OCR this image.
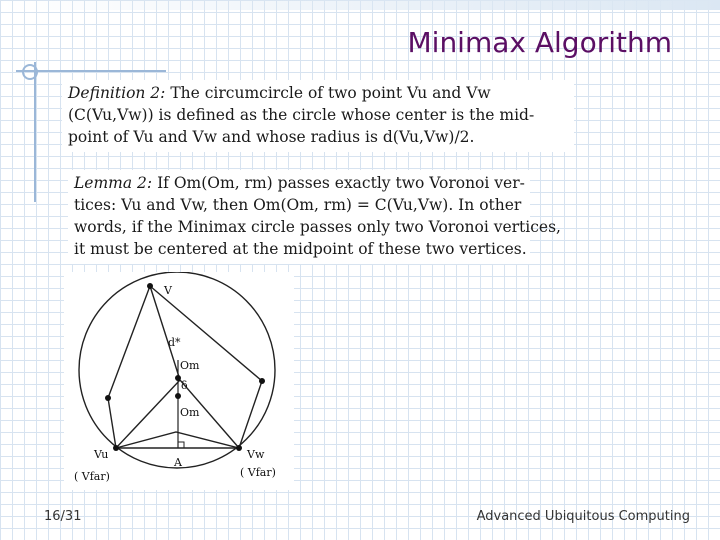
Minimax Algorithm
Definition 2: The circumcircle of two point Vu and Vw
(C(Vu,Vw)) is defined as the circle whose center is the mid-
point of Vu and Vw and whose radius is d(Vu,Vw)/2.
Lemma 2: If Om(Om, rm) passes exactly two Voronoi ver-
tices: Vu and Vw, then Om(Om, rm) = C(Vu,Vw). In other
words, if the Minimax circle passes only two Voronoi vertices,
it must be centered at the midpoint of these two vertices.
V
d*
Om
δ
Om
Vu
( Vfar)
A
Vw
( Vfar)
16/31	Advanced Ubiquitous Computing
